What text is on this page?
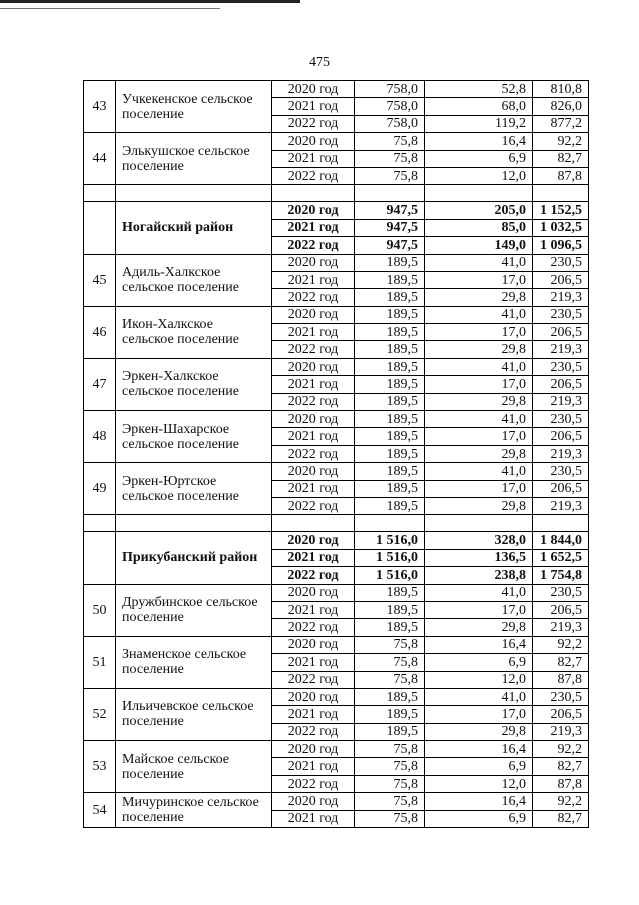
475
43	Учкекенское сельское поселение	2020 год	758,0	52,8	810,8
		2021 год	758,0	68,0	826,0
		2022 год	758,0	119,2	877,2
44	Элькушское сельское поселение	2020 год	75,8	16,4	92,2
		2021 год	75,8	6,9	82,7
		2022 год	75,8	12,0	87,8

	Ногайский район	2020 год	947,5	205,0	1 152,5
		2021 год	947,5	85,0	1 032,5
		2022 год	947,5	149,0	1 096,5
45	Адиль-Халкское сельское поселение	2020 год	189,5	41,0	230,5
		2021 год	189,5	17,0	206,5
		2022 год	189,5	29,8	219,3
46	Икон-Халкское сельское поселение	2020 год	189,5	41,0	230,5
		2021 год	189,5	17,0	206,5
		2022 год	189,5	29,8	219,3
47	Эркен-Халкское сельское поселение	2020 год	189,5	41,0	230,5
		2021 год	189,5	17,0	206,5
		2022 год	189,5	29,8	219,3
48	Эркен-Шахарское сельское поселение	2020 год	189,5	41,0	230,5
		2021 год	189,5	17,0	206,5
		2022 год	189,5	29,8	219,3
49	Эркен-Юртское сельское поселение	2020 год	189,5	41,0	230,5
		2021 год	189,5	17,0	206,5
		2022 год	189,5	29,8	219,3

	Прикубанский район	2020 год	1 516,0	328,0	1 844,0
		2021 год	1 516,0	136,5	1 652,5
		2022 год	1 516,0	238,8	1 754,8
50	Дружбинское сельское поселение	2020 год	189,5	41,0	230,5
		2021 год	189,5	17,0	206,5
		2022 год	189,5	29,8	219,3
51	Знаменское сельское поселение	2020 год	75,8	16,4	92,2
		2021 год	75,8	6,9	82,7
		2022 год	75,8	12,0	87,8
52	Ильичевское сельское поселение	2020 год	189,5	41,0	230,5
		2021 год	189,5	17,0	206,5
		2022 год	189,5	29,8	219,3
53	Майское сельское поселение	2020 год	75,8	16,4	92,2
		2021 год	75,8	6,9	82,7
		2022 год	75,8	12,0	87,8
54	Мичуринское сельское поселение	2020 год	75,8	16,4	92,2
		2021 год	75,8	6,9	82,7
